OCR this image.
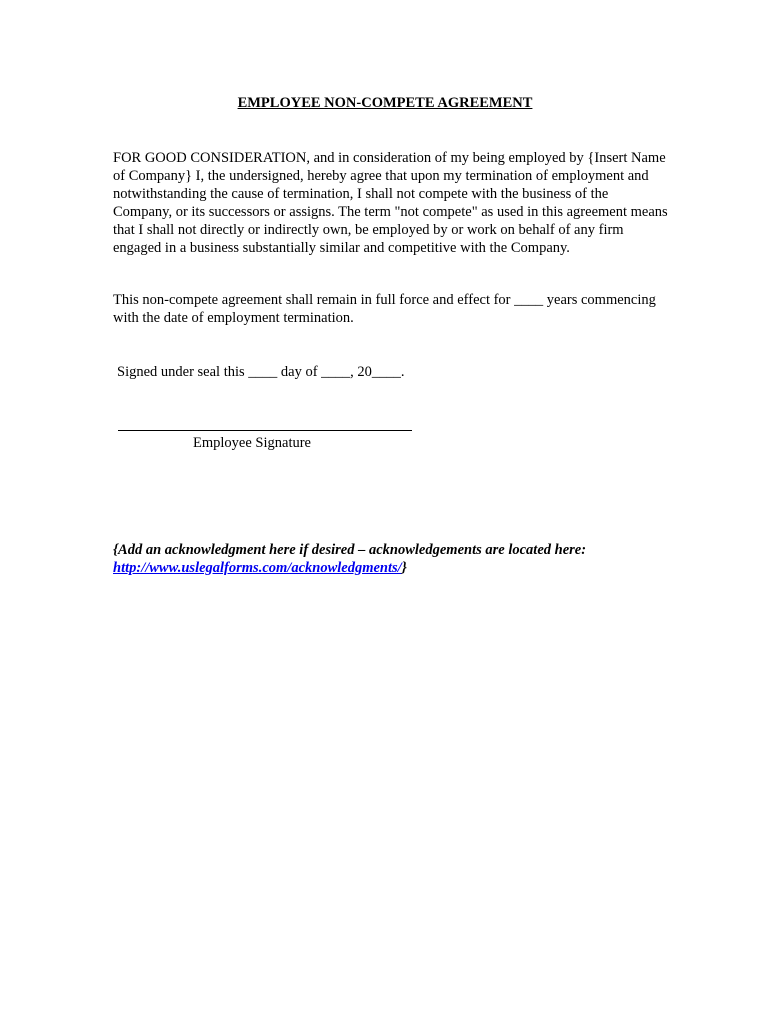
EMPLOYEE NON-COMPETE AGREEMENT

FOR GOOD CONSIDERATION, and in consideration of my being employed by {Insert Name of Company} I, the undersigned, hereby agree that upon my termination of employment and notwithstanding the cause of termination, I shall not compete with the business of the Company, or its successors or assigns. The term "not compete" as used in this agreement means that I shall not directly or indirectly own, be employed by or work on behalf of any firm engaged in a business substantially similar and competitive with the Company.

This non-compete agreement shall remain in full force and effect for ____ years commencing with the date of employment termination.

Signed under seal this ____ day of ____, 20____.
Employee Signature
{Add an acknowledgment here if desired – acknowledgements are located here: http://www.uslegalforms.com/acknowledgments/}
